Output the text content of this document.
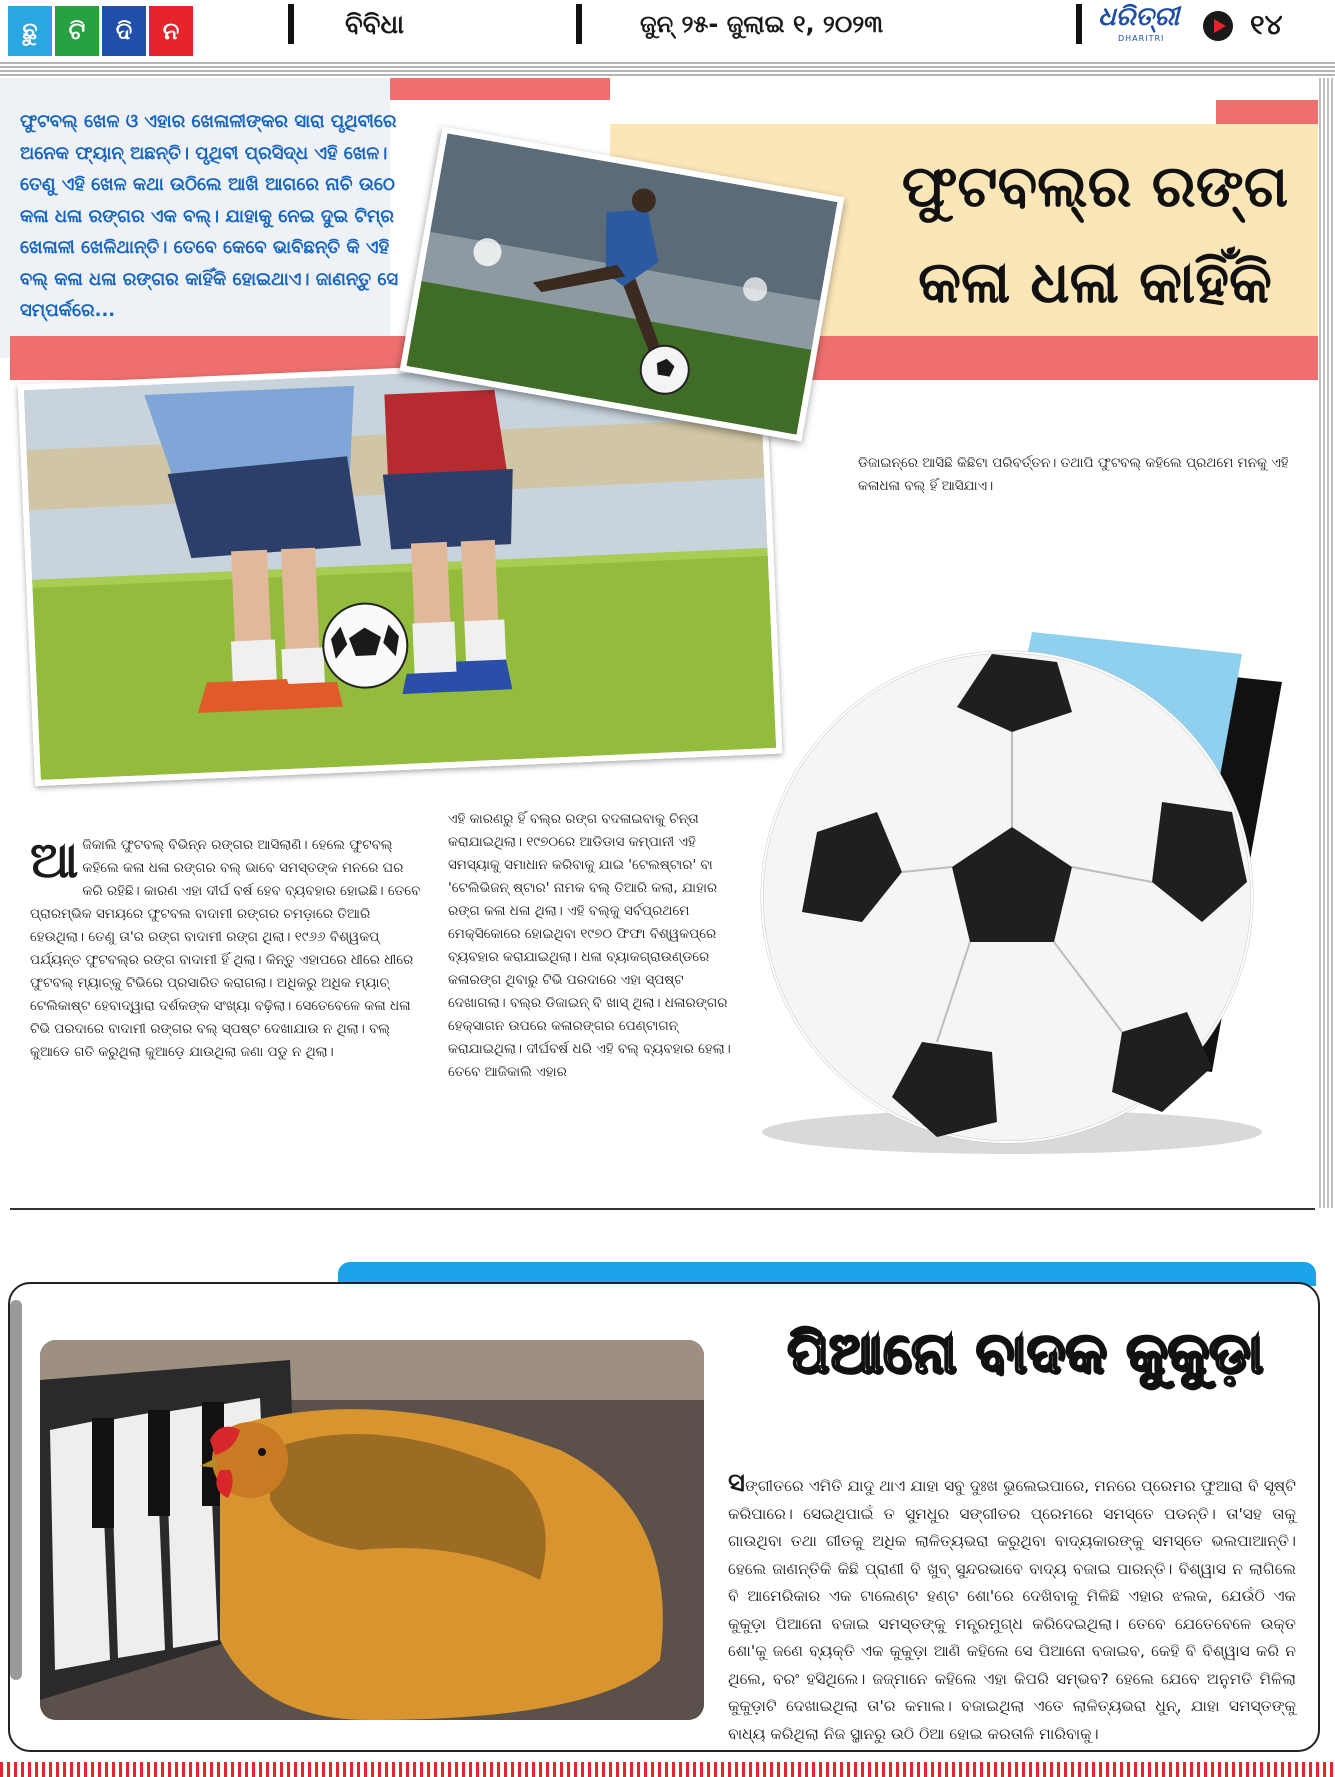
ଛୁ	ଟି	ଦି	ନ	ବିବିଧା	ଜୁନ୍ ୨୫- ଜୁଲାଇ ୧, ୨୦୨୩	ଧରିତ୍ରୀ
DHARITRI	୧୪
ଫୁଟବଲ୍ ଖେଳ ଓ ଏହାର ଖେଳାଳୀଙ୍କର ସାରା ପୃଥିବୀରେ ଅନେକ ଫ୍ୟାନ୍ ଅଛନ୍ତି। ପୃଥିବୀ ପ୍ରସିଦ୍ଧ ଏହି ଖେଳ। ତେଣୁ ଏହି ଖେଳ କଥା ଉଠିଲେ ଆଖି ଆଗରେ ନାଚି ଉଠେ କଳା ଧଳା ରଙ୍ଗର ଏକ ବଲ୍। ଯାହାକୁ ନେଇ ଦୁଇ ଟିମ୍‌ର ଖେଳାଳୀ ଖେଳିଥାନ୍ତି। ତେବେ କେବେ ଭାବିଛନ୍ତି କି ଏହି ବଲ୍ କଳା ଧଳା ରଙ୍ଗର କାହିଁକି ହୋଇଥାଏ। ଜାଣନ୍ତୁ ସେ ସମ୍ପର୍କରେ...
ଫୁଟବଲ୍‌ର ରଙ୍ଗ
କଳା ଧଳା କାହିଁକି
ଡିଜାଇନ୍‌ରେ ଆସିଛି କିଛିଟା ପରିବର୍ତ୍ତନ। ତଥାପି ଫୁଟବଲ୍ କହିଲେ ପ୍ରଥମେ ମନକୁ ଏହି କଳାଧଳା ବଲ୍ ହିଁ ଆସିଯାଏ।
ଆ ଜିକାଲି ଫୁଟବଲ୍ ବିଭିନ୍ନ ରଙ୍ଗର ଆସିଲାଣି। ହେଲେ ଫୁଟବଲ୍ କହିଲେ କଳା ଧଳା ରଙ୍ଗର ବଲ୍ ଭାବେ ସମସ୍ତଙ୍କ ମନରେ ଘର କରି ରହିଛି। କାରଣ ଏହା ଦୀର୍ଘ ବର୍ଷ ହେବ ବ୍ୟବହାର ହୋଇଛି। ତେବେ ପ୍ରାରମ୍ଭିକ ସମୟରେ ଫୁଟବଲ ବାଦାମୀ ରଙ୍ଗର ଚମଡ଼ାରେ ତିଆରି ହେଉଥିଲା। ତେଣୁ ତା'ର ରଙ୍ଗ ବାଦାମୀ ରଙ୍ଗ ଥିଲା। ୧୯୬୬ ବିଶ୍ୱକପ୍ ପର୍ଯ୍ୟନ୍ତ ଫୁଟବଲ୍‌ର ରଙ୍ଗ ବାଦାମୀ ହିଁ ଥିଲା। କିନ୍ତୁ ଏହାପରେ ଧୀରେ ଧୀରେ ଫୁଟବଲ୍ ମ୍ୟାଚ୍‌କୁ ଟିଭିରେ ପ୍ରସାରିତ କରାଗଲା। ଅଧିକରୁ ଅଧିକ ମ୍ୟାଚ୍ ଟେଲିକାଷ୍ଟ ହେବାଦ୍ୱାରା ଦର୍ଶକଙ୍କ ସଂଖ୍ୟା ବଢ଼ିଲା। ସେତେବେଳେ କଳା ଧଳା ଟିଭି ପରଦାରେ ବାଦାମୀ ରଙ୍ଗର ବଲ୍ ସ୍ପଷ୍ଟ ଦେଖାଯାଉ ନ ଥିଲା। ବଲ୍ କୁଆଡେ ଗତି କରୁଥିଲା କୁଆଡ଼େ ଯାଉଥିଲା ଜଣା ପଡୁ ନ ଥିଲା।
ଏହି କାରଣରୁ ହିଁ ବଲ୍‌ର ରଙ୍ଗ ବଦଳାଇବାକୁ ଚିନ୍ତା କରାଯାଇଥିଲା। ୧୯୭୦ରେ ଆଡିଡାସ କମ୍ପାନୀ ଏହି ସମସ୍ୟାକୁ ସମାଧାନ କରିବାକୁ ଯାଇ 'ଟେଲଷ୍ଟାର' ବା 'ଟେଲିଭିଜନ୍ ଷ୍ଟାର' ନାମକ ବଲ୍ ତିଆରି କଲା, ଯାହାର ରଙ୍ଗ କଳା ଧଳା ଥିଲା। ଏହି ବଲ୍‌କୁ ସର୍ବପ୍ରଥମେ ମେକ୍ସିକୋରେ ହୋଇଥିବା ୧୯୭୦ ଫିଫା ବିଶ୍ୱକପ୍‌ରେ ବ୍ୟବହାର କରାଯାଇଥିଲା। ଧଳା ବ୍ୟାକଗ୍ରାଉଣ୍ଡରେ କଳାରଙ୍ଗ ଥିବାରୁ ଟିଭି ପରଦାରେ ଏହା ସ୍ପଷ୍ଟ ଦେଖାଗଲା। ବଲ୍‌ର ଡିଜାଇନ୍ ବି ଖାସ୍ ଥିଲା। ଧଳାରଙ୍ଗର ହେକ୍ସାଗନ ଉପରେ କଳାରଙ୍ଗର ପେଣ୍ଟାଗନ୍ କରାଯାଇଥିଲା। ଦୀର୍ଘବର୍ଷ ଧରି ଏହି ବଲ୍ ବ୍ୟବହାର ହେଲା। ତେବେ ଆଜିକାଲି ଏହାର
ପିଆନୋ ବାଦକ କୁକୁଡ଼ା
ସଙ୍ଗୀତରେ ଏମିତି ଯାଦୁ ଥାଏ ଯାହା ସବୁ ଦୁଃଖ ଭୁଲେଇପାରେ, ମନରେ ପ୍ରେମର ଫୁଆରା ବି ସୃଷ୍ଟି କରିପାରେ। ସେଇଥିପାଇଁ ତ ସୁମଧୁର ସଙ୍ଗୀତର ପ୍ରେମରେ ସମସ୍ତେ ପଡନ୍ତି। ତା'ସହ ତାକୁ ଗାଉଥିବା ତଥା ଗୀତକୁ ଅଧିକ ଲାଳିତ୍ୟଭରା କରୁଥିବା ବାଦ୍ୟକାରଙ୍କୁ ସମସ୍ତେ ଭଲପାଆନ୍ତି। ହେଲେ ଜାଣନ୍ତିକି କିଛି ପ୍ରାଣୀ ବି ଖୁବ୍ ସୁନ୍ଦରଭାବେ ବାଦ୍ୟ ବଜାଇ ପାରନ୍ତି। ବିଶ୍ୱାସ ନ ଲାଗିଲେ ବି ଆମେରିକାର ଏକ ଟାଲେଣ୍ଟ ହଣ୍ଟ ଶୋ'ରେ ଦେଖିବାକୁ ମିଳିଛି ଏହାର ଝଲକ, ଯେଉଁଠି ଏକ କୁକୁଡ଼ା ପିଆନୋ ବଜାଇ ସମସ୍ତଙ୍କୁ ମନ୍ତ୍ରମୁଗ୍ଧ କରିଦେଇଥିଲା। ତେବେ ଯେତେବେଳେ ଉକ୍ତ ଶୋ'କୁ ଜଣେ ବ୍ୟକ୍ତି ଏକ କୁକୁଡ଼ା ଆଣି କହିଲେ ସେ ପିଆନୋ ବଜାଇବ, କେହି ବି ବିଶ୍ୱାସ କରି ନ ଥିଲେ, ବରଂ ହସିଥିଲେ। ଜଜ୍‌ମାନେ କହିଲେ ଏହା କିପରି ସମ୍ଭବ? ହେଲେ ଯେବେ ଅନୁମତି ମିଳିଲା କୁକୁଡ଼ାଟି ଦେଖାଇଥିଲା ତା'ର କମାଲ। ବଜାଇଥିଲା ଏତେ ଲାଳିତ୍ୟଭରା ଧୁନ୍, ଯାହା ସମସ୍ତଙ୍କୁ ବାଧ୍ୟ କରିଥିଲା ନିଜ ସ୍ଥାନରୁ ଉଠି ଠିଆ ହୋଇ କରତାଳି ମାରିବାକୁ।
